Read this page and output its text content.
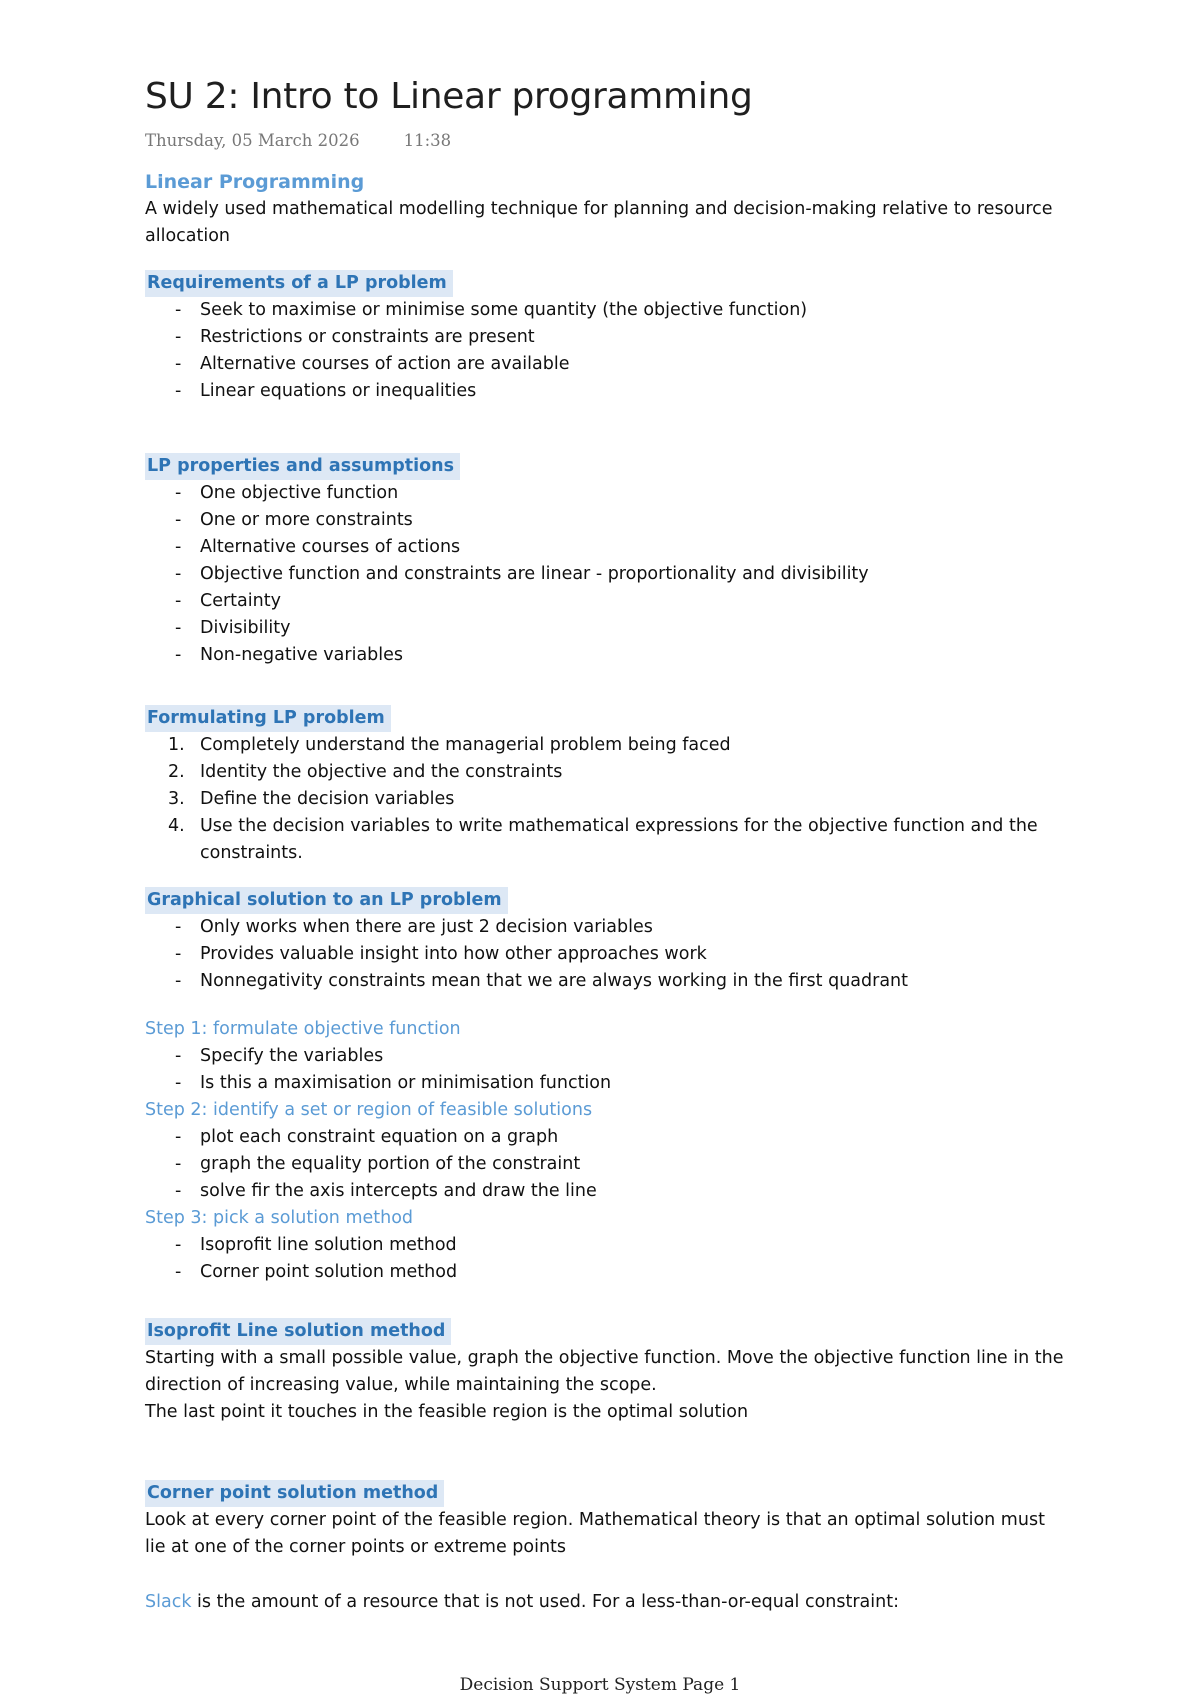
SU 2: Intro to Linear programming
Thursday, 05 March 2026	11:38
Linear Programming
A widely used mathematical modelling technique for planning and decision-making relative to resource allocation
Requirements of a LP problem
- Seek to maximise or minimise some quantity (the objective function)
- Restrictions or constraints are present
- Alternative courses of action are available
- Linear equations or inequalities
LP properties and assumptions
- One objective function
- One or more constraints
- Alternative courses of actions
- Objective function and constraints are linear - proportionality and divisibility
- Certainty
- Divisibility
- Non-negative variables
Formulating LP problem
1. Completely understand the managerial problem being faced
2. Identity the objective and the constraints
3. Define the decision variables
4. Use the decision variables to write mathematical expressions for the objective function and the constraints.
Graphical solution to an LP problem
- Only works when there are just 2 decision variables
- Provides valuable insight into how other approaches work
- Nonnegativity constraints mean that we are always working in the first quadrant
Step 1: formulate objective function
- Specify the variables
- Is this a maximisation or minimisation function
Step 2: identify a set or region of feasible solutions
- plot each constraint equation on a graph
- graph the equality portion of the constraint
- solve fir the axis intercepts and draw the line
Step 3: pick a solution method
- Isoprofit line solution method
- Corner point solution method
Isoprofit Line solution method
Starting with a small possible value, graph the objective function. Move the objective function line in the direction of increasing value, while maintaining the scope.
The last point it touches in the feasible region is the optimal solution
Corner point solution method
Look at every corner point of the feasible region. Mathematical theory is that an optimal solution must lie at one of the corner points or extreme points
Slack is the amount of a resource that is not used. For a less-than-or-equal constraint:
Decision Support System Page 1
